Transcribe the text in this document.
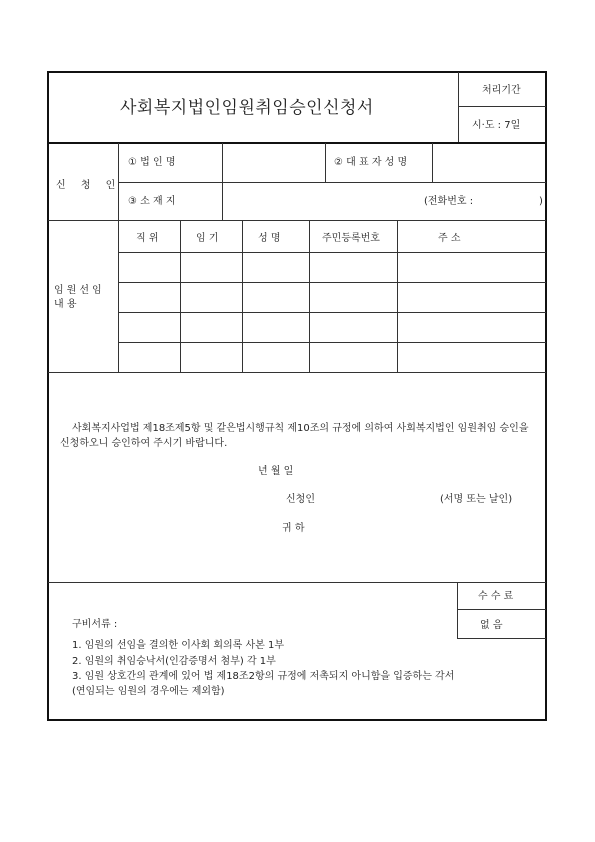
사회복지법인임원취임승인신청서
처리기간
시·도 : 7일
신 청 인
① 법 인 명	② 대 표 자 성 명
③ 소 재 지	(전화번호 :	)
임원선임
내 용
직 위	임 기	성 명	주민등록번호	주 소
사회복지사업법 제18조제5항 및 같은법시행규칙 제10조의 규정에 의하여 사회복지법인 임원취임 승인을 신청하오니 승인하여 주시기 바랍니다.
년 월 일
신청인	(서명 또는 날인)
귀 하
수 수 료
없 음
구비서류 :
1. 임원의 선임을 결의한 이사회 회의록 사본 1부
2. 임원의 취임승낙서(인감증명서 첨부) 각 1부
3. 임원 상호간의 관계에 있어 법 제18조2항의 규정에 저촉되지 아니함을 입증하는 각서
(연임되는 임원의 경우에는 제외함)
